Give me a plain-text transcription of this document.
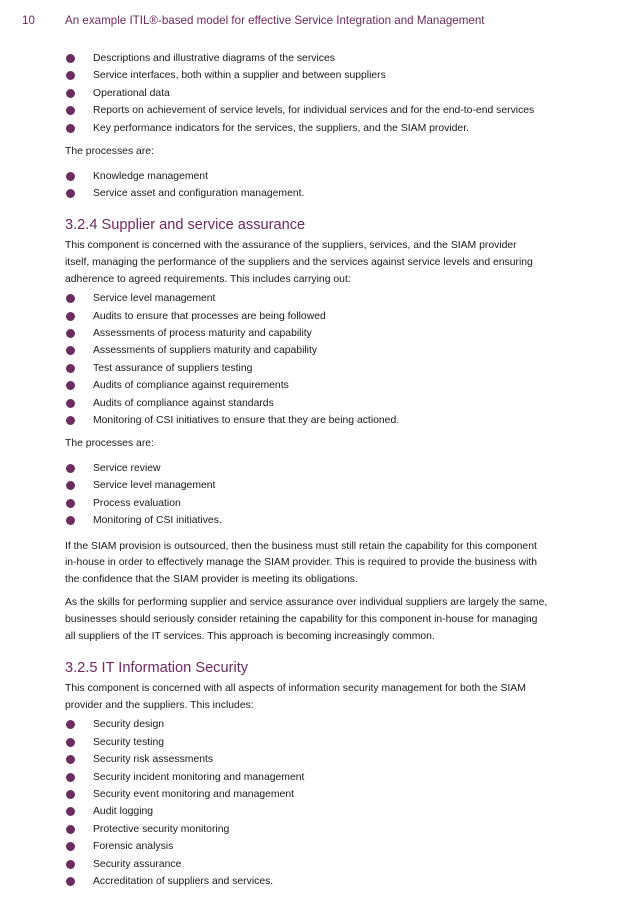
10	An example ITIL®-based model for effective Service Integration and Management
Descriptions and illustrative diagrams of the services
Service interfaces, both within a supplier and between suppliers
Operational data
Reports on achievement of service levels, for individual services and for the end-to-end services
Key performance indicators for the services, the suppliers, and the SIAM provider.

The processes are:

Knowledge management
Service asset and configuration management.
3.2.4 Supplier and service assurance

This component is concerned with the assurance of the suppliers, services, and the SIAM provider
itself, managing the performance of the suppliers and the services against service levels and ensuring
adherence to agreed requirements. This includes carrying out:

Service level management
Audits to ensure that processes are being followed
Assessments of process maturity and capability
Assessments of suppliers maturity and capability
Test assurance of suppliers testing
Audits of compliance against requirements
Audits of compliance against standards
Monitoring of CSI initiatives to ensure that they are being actioned.

The processes are:

Service review
Service level management
Process evaluation
Monitoring of CSI initiatives.

If the SIAM provision is outsourced, then the business must still retain the capability for this component
in-house in order to effectively manage the SIAM provider. This is required to provide the business with
the confidence that the SIAM provider is meeting its obligations.

As the skills for performing supplier and service assurance over individual suppliers are largely the same,
businesses should seriously consider retaining the capability for this component in-house for managing
all suppliers of the IT services. This approach is becoming increasingly common.

3.2.5 IT Information Security

This component is concerned with all aspects of information security management for both the SIAM
provider and the suppliers. This includes:

Security design
Security testing
Security risk assessments
Security incident monitoring and management
Security event monitoring and management
Audit logging
Protective security monitoring
Forensic analysis
Security assurance
Accreditation of suppliers and services.
